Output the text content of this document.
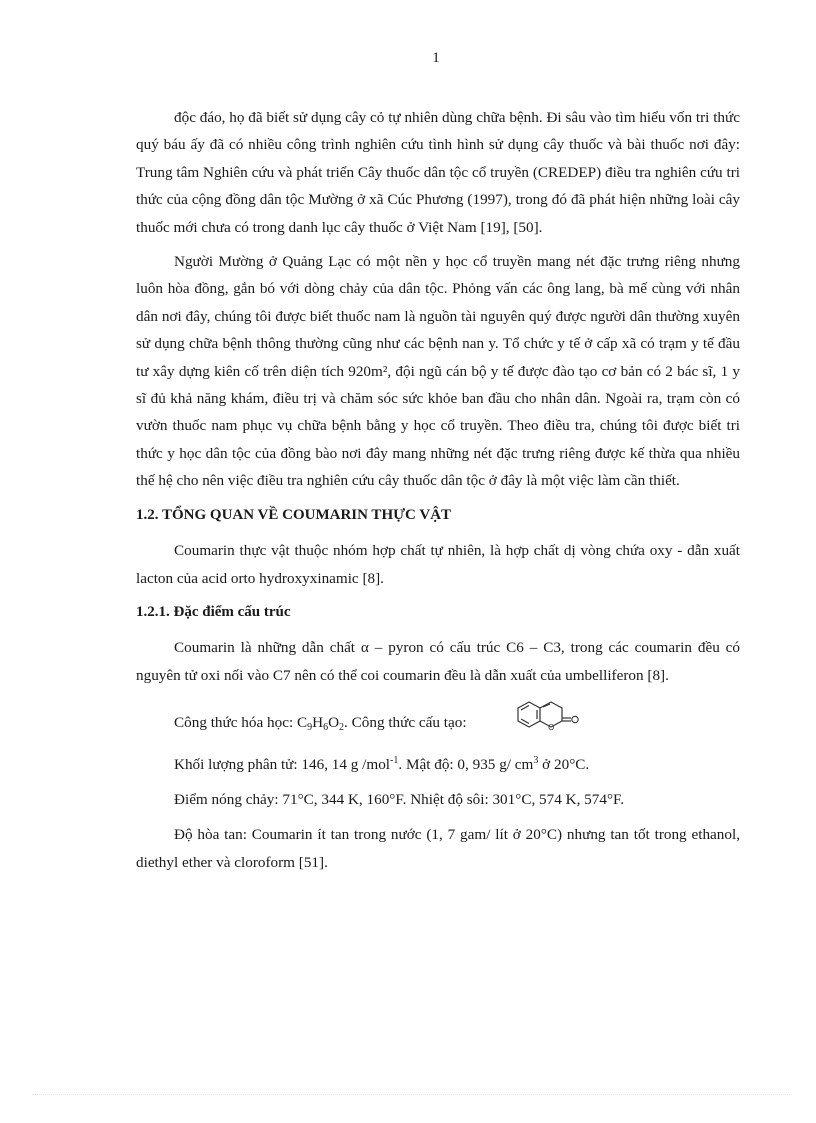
1

độc đáo, họ đã biết sử dụng cây cỏ tự nhiên dùng chữa bệnh. Đi sâu vào tìm hiểu vốn tri thức quý báu ấy đã có nhiều công trình nghiên cứu tình hình sử dụng cây thuốc và bài thuốc nơi đây: Trung tâm Nghiên cứu và phát triển Cây thuốc dân tộc cổ truyền (CREDEP) điều tra nghiên cứu tri thức của cộng đồng dân tộc Mường ở xã Cúc Phương (1997), trong đó đã phát hiện những loài cây thuốc mới chưa có trong danh lục cây thuốc ở Việt Nam [19], [50].

Người Mường ở Quảng Lạc có một nền y học cổ truyền mang nét đặc trưng riêng nhưng luôn hòa đồng, gắn bó với dòng chảy của dân tộc. Phỏng vấn các ông lang, bà mế cùng với nhân dân nơi đây, chúng tôi được biết thuốc nam là nguồn tài nguyên quý được người dân thường xuyên sử dụng chữa bệnh thông thường cũng như các bệnh nan y. Tổ chức y tế ở cấp xã có trạm y tế đầu tư xây dựng kiên cố trên diện tích 920m², đội ngũ cán bộ y tế được đào tạo cơ bản có 2 bác sĩ, 1 y sĩ đủ khả năng khám, điều trị và chăm sóc sức khỏe ban đầu cho nhân dân. Ngoài ra, trạm còn có vườn thuốc nam phục vụ chữa bệnh bằng y học cổ truyền. Theo điều tra, chúng tôi được biết tri thức y học dân tộc của đồng bào nơi đây mang những nét đặc trưng riêng được kế thừa qua nhiều thế hệ cho nên việc điều tra nghiên cứu cây thuốc dân tộc ở đây là một việc làm cần thiết.

1.2. TỔNG QUAN VỀ COUMARIN THỰC VẬT

Coumarin thực vật thuộc nhóm hợp chất tự nhiên, là hợp chất dị vòng chứa oxy - dẫn xuất lacton của acid orto hydroxyxinamic [8].

1.2.1. Đặc điểm cấu trúc

Coumarin là những dẫn chất α – pyron có cấu trúc C6 – C3, trong các coumarin đều có nguyên tử oxi nối vào C7 nên có thể coi coumarin đều là dẫn xuất của umbelliferon [8].

Công thức hóa học: $C_9H_6O_2$. Công thức cấu tạo:	O

Khối lượng phân tử: 146, 14 g /mol$^{-1}$. Mật độ: 0, 935 g/ $cm^3$ ở 20°C.

Điểm nóng chảy: 71°C, 344 K, 160°F. Nhiệt độ sôi: 301°C, 574 K, 574°F.

Độ hòa tan: Coumarin ít tan trong nước (1, 7 gam/ lít ở 20°C) nhưng tan tốt trong ethanol, diethyl ether và cloroform [51].
